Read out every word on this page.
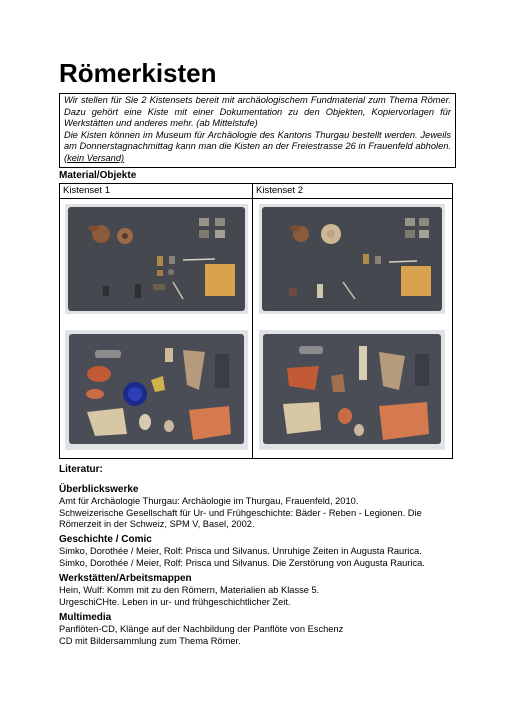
Römerkisten

Wir stellen für Sie 2 Kistensets bereit mit archäologischem Fundmaterial zum Thema Römer. Dazu gehört eine Kiste mit einer Dokumentation zu den Objekten, Kopiervorlagen für Werkstätten und anderes mehr. (ab Mittelstufe)

Die Kisten können im Museum für Archäologie des Kantons Thurgau bestellt werden. Jeweils am Donnerstagnachmittag kann man die Kisten an der Freiestrasse 26 in Frauenfeld abholen. (kein Versand)

Material/Objekte
Kistenset 1	Kistenset 2
Literatur:
Überblickswerke
Amt für Archäologie Thurgau: Archäologie im Thurgau, Frauenfeld, 2010.
Schweizerische Gesellschaft für Ur- und Frühgeschichte: Bäder - Reben - Legionen. Die Römerzeit in der Schweiz, SPM V, Basel, 2002.
Geschichte / Comic
Simko, Dorothée / Meier, Rolf: Prisca und Silvanus. Unruhige Zeiten in Augusta Raurica.
Simko, Dorothée / Meier, Rolf: Prisca und Silvanus. Die Zerstörung von Augusta Raurica.
Werkstätten/Arbeitsmappen
Hein, Wulf: Komm mit zu den Römern, Materialien ab Klasse 5.
UrgeschiCHte. Leben in ur- und frühgeschichtlicher Zeit.
Multimedia
Panflöten-CD, Klänge auf der Nachbildung der Panflöte von Eschenz
CD mit Bildersammlung zum Thema Römer.
